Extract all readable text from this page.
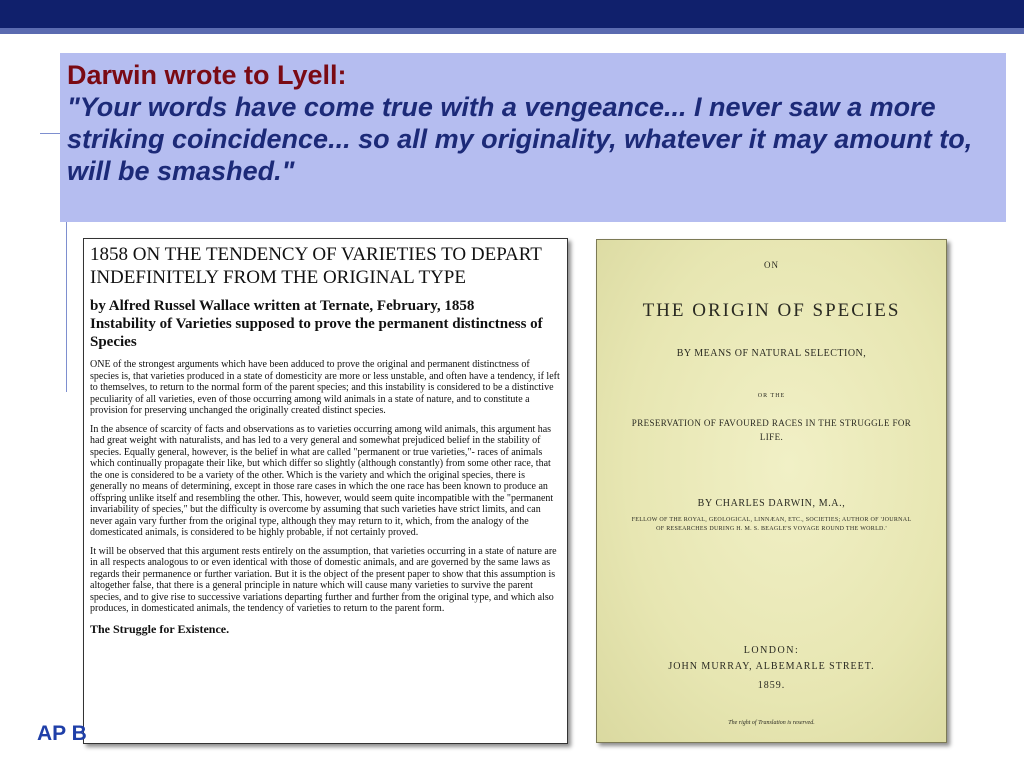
Darwin wrote to Lyell:

"Your words have come true with a vengeance... I never saw a more striking coincidence... so all my originality, whatever it may amount to, will be smashed."

1858 ON THE TENDENCY OF VARIETIES TO DEPART INDEFINITELY FROM THE ORIGINAL TYPE

by Alfred Russel Wallace written at Ternate, February, 1858

Instability of Varieties supposed to prove the permanent distinctness of Species

ONE of the strongest arguments which have been adduced to prove the original and permanent distinctness of species is, that varieties produced in a state of domesticity are more or less unstable, and often have a tendency, if left to themselves, to return to the normal form of the parent species; and this instability is considered to be a distinctive peculiarity of all varieties, even of those occurring among wild animals in a state of nature, and to constitute a provision for preserving unchanged the originally created distinct species.

In the absence of scarcity of facts and observations as to varieties occurring among wild animals, this argument has had great weight with naturalists, and has led to a very general and somewhat prejudiced belief in the stability of species. Equally general, however, is the belief in what are called "permanent or true varieties,"- races of animals which continually propagate their like, but which differ so slightly (although constantly) from some other race, that the one is considered to be a variety of the other. Which is the variety and which the original species, there is generally no means of determining, except in those rare cases in which the one race has been known to produce an offspring unlike itself and resembling the other. This, however, would seem quite incompatible with the "permanent invariability of species," but the difficulty is overcome by assuming that such varieties have strict limits, and can never again vary further from the original type, although they may return to it, which, from the analogy of the domesticated animals, is considered to be highly probable, if not certainly proved.

It will be observed that this argument rests entirely on the assumption, that varieties occurring in a state of nature are in all respects analogous to or even identical with those of domestic animals, and are governed by the same laws as regards their permanence or further variation. But it is the object of the present paper to show that this assumption is altogether false, that there is a general principle in nature which will cause many varieties to survive the parent species, and to give rise to successive variations departing further and further from the original type, and which also produces, in domesticated animals, the tendency of varieties to return to the parent form.

The Struggle for Existence.

ON

THE ORIGIN OF SPECIES

BY MEANS OF NATURAL SELECTION,

OR THE

PRESERVATION OF FAVOURED RACES IN THE STRUGGLE FOR LIFE.

BY CHARLES DARWIN, M.A.,

FELLOW OF THE ROYAL, GEOLOGICAL, LINNÆAN, ETC., SOCIETIES; AUTHOR OF 'JOURNAL OF RESEARCHES DURING H. M. S. BEAGLE'S VOYAGE ROUND THE WORLD.'

LONDON:

JOHN MURRAY, ALBEMARLE STREET.

1859.

The right of Translation is reserved.

AP B
